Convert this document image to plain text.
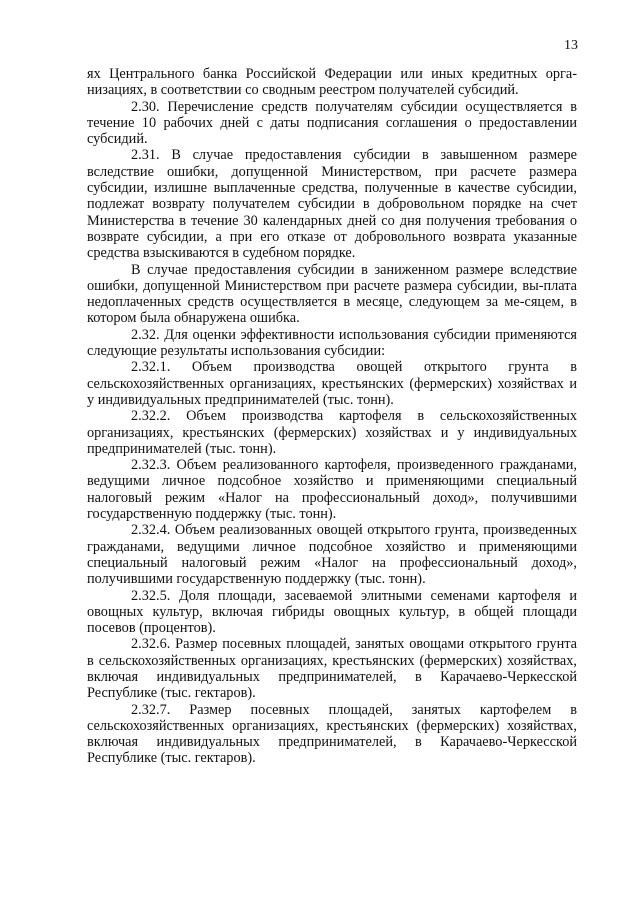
13

ях Центрального банка Российской Федерации или иных кредитных орга-низациях, в соответствии со сводным реестром получателей субсидий.

2.30. Перечисление средств получателям субсидии осуществляется в течение 10 рабочих дней с даты подписания соглашения о предоставлении субсидий.

2.31. В случае предоставления субсидии в завышенном размере вследствие ошибки, допущенной Министерством, при расчете размера субсидии, излишне выплаченные средства, полученные в качестве субсидии, подлежат возврату получателем субсидии в добровольном порядке на счет Министерства в течение 30 календарных дней со дня получения требования о возврате субсидии, а при его отказе от добровольного возврата указанные средства взыскиваются в судебном порядке.

В случае предоставления субсидии в заниженном размере вследствие ошибки, допущенной Министерством при расчете размера субсидии, вы-плата недоплаченных средств осуществляется в месяце, следующем за ме-сяцем, в котором была обнаружена ошибка.

2.32. Для оценки эффективности использования субсидии применяются следующие результаты использования субсидии:

2.32.1. Объем производства овощей открытого грунта в сельскохозяйственных организациях, крестьянских (фермерских) хозяйствах и у индивидуальных предпринимателей (тыс. тонн).

2.32.2. Объем производства картофеля в сельскохозяйственных организациях, крестьянских (фермерских) хозяйствах и у индивидуальных предпринимателей (тыс. тонн).

2.32.3. Объем реализованного картофеля, произведенного гражданами, ведущими личное подсобное хозяйство и применяющими специальный налоговый режим «Налог на профессиональный доход», получившими государственную поддержку (тыс. тонн).

2.32.4. Объем реализованных овощей открытого грунта, произведенных гражданами, ведущими личное подсобное хозяйство и применяющими специальный налоговый режим «Налог на профессиональный доход», получившими государственную поддержку (тыс. тонн).

2.32.5. Доля площади, засеваемой элитными семенами картофеля и овощных культур, включая гибриды овощных культур, в общей площади посевов (процентов).

2.32.6. Размер посевных площадей, занятых овощами открытого грунта в сельскохозяйственных организациях, крестьянских (фермерских) хозяйствах, включая индивидуальных предпринимателей, в Карачаево-Черкесской Республике (тыс. гектаров).

2.32.7. Размер посевных площадей, занятых картофелем в сельскохозяйственных организациях, крестьянских (фермерских) хозяйствах, включая индивидуальных предпринимателей, в Карачаево-Черкесской Республике (тыс. гектаров).
